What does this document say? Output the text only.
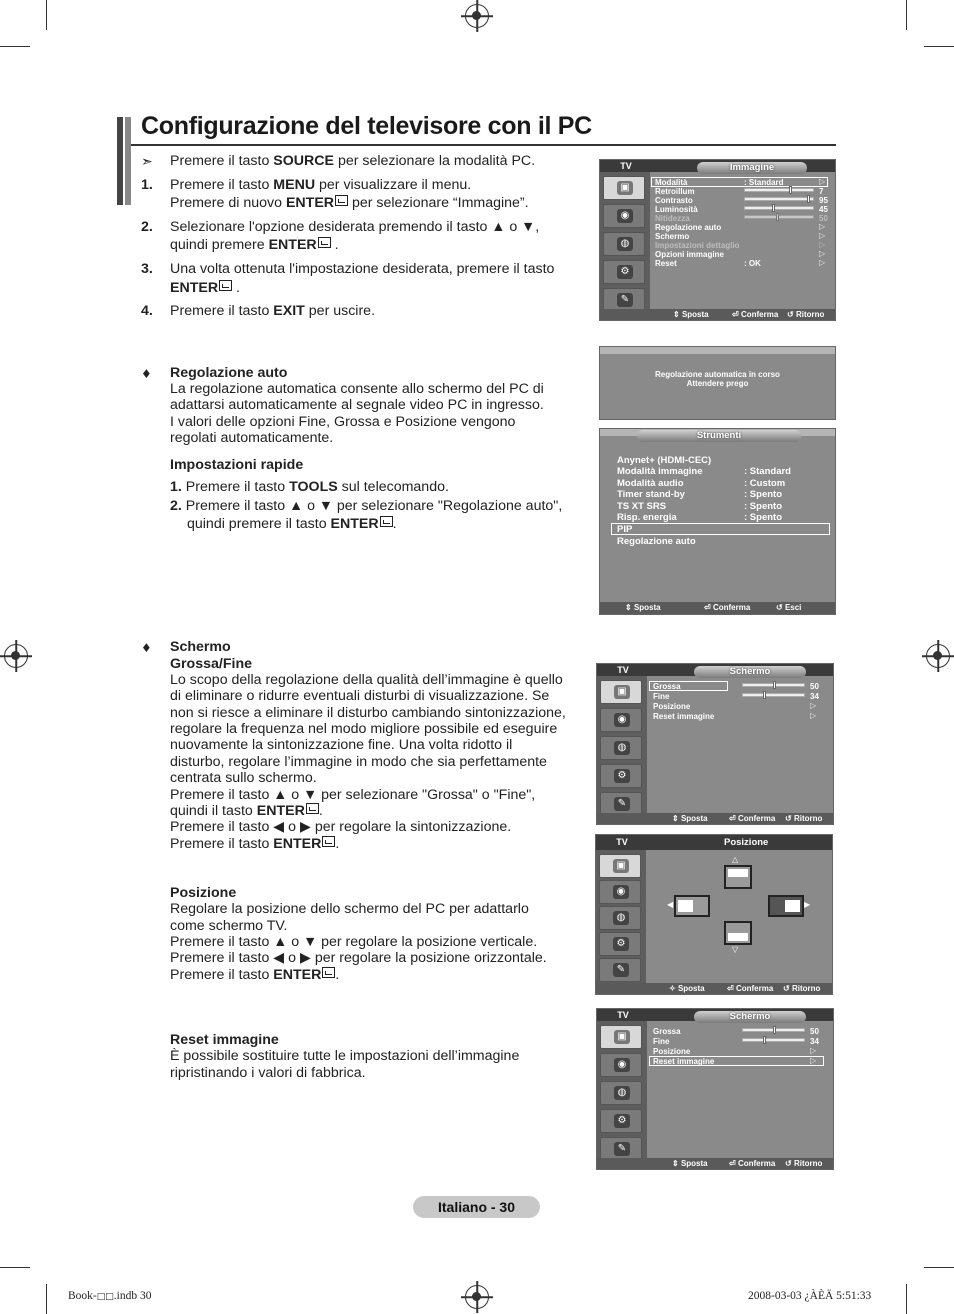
Configurazione del televisore con il PC
➣ Premere il tasto SOURCE per selezionare la modalità PC.
1. Premere il tasto MENU per visualizzare il menu.
Premere di nuovo ENTER per selezionare “Immagine”.
2. Selezionare l'opzione desiderata premendo il tasto ▲ o ▼,
quindi premere ENTER .
3. Una volta ottenuta l'impostazione desiderata, premere il tasto
ENTER .
4. Premere il tasto EXIT per uscire.
♦ Regolazione auto
La regolazione automatica consente allo schermo del PC di
adattarsi automaticamente al segnale video PC in ingresso.
I valori delle opzioni Fine, Grossa e Posizione vengono
regolati automaticamente.
Impostazioni rapide
1. Premere il tasto TOOLS sul telecomando.
2. Premere il tasto ▲ o ▼ per selezionare "Regolazione auto",
quindi premere il tasto ENTER .
♦ Schermo
Grossa/Fine
Lo scopo della regolazione della qualità dell’immagine è quello
di eliminare o ridurre eventuali disturbi di visualizzazione. Se
non si riesce a eliminare il disturbo cambiando sintonizzazione,
regolare la frequenza nel modo migliore possibile ed eseguire
nuovamente la sintonizzazione fine. Una volta ridotto il
disturbo, regolare l’immagine in modo che sia perfettamente
centrata sullo schermo.
Premere il tasto ▲ o ▼ per selezionare "Grossa" o "Fine",
quindi il tasto ENTER .
Premere il tasto ◀ o ▶ per regolare la sintonizzazione.
Premere il tasto ENTER .
Posizione
Regolare la posizione dello schermo del PC per adattarlo
come schermo TV.
Premere il tasto ▲ o ▼ per regolare la posizione verticale.
Premere il tasto ◀ o ▶ per regolare la posizione orizzontale.
Premere il tasto ENTER .
Reset immagine
È possibile sostituire tutte le impostazioni dell’immagine
ripristinando i valori di fabbrica.
TV	Immagine
▣
◉
◍
⚙
✎
Modalità	: Standard	▷
Retroillum	7
Contrasto	95
Luminosità	45
Nitidezza	50
Regolazione auto	▷
Schermo	▷
Impostazioni dettaglio	▷
Opzioni immagine	▷
Reset	: OK	▷
⇕ Sposta	⏎ Conferma ↺ Ritorno
Regolazione automatica in corso
Attendere prego
Strumenti
Anynet+ (HDMI-CEC)
Modalità immagine	: Standard
Modalità audio	: Custom
Timer stand-by	: Spento
TS XT SRS	: Spento
Risp. energia	: Spento
PIP
Regolazione auto
⇕ Sposta	⏎ Conferma	↺ Esci
TV	Schermo
▣
◉
◍
⚙
✎
Grossa	50
Fine	34
Posizione	▷
Reset immagine	▷
⇕ Sposta	⏎ Conferma ↺ Ritorno
TV	Posizione
▣
◉
◍
⚙
✎
△
◀	▶
▽
✧ Sposta	⏎ Conferma ↺ Ritorno
TV	Schermo
▣
◉
◍
⚙
✎
Grossa	50
Fine	34
Posizione	▷
Reset immagine	▷
⇕ Sposta	⏎ Conferma ↺ Ritorno
Italiano - 30
Book-□□.indb 30	2008-03-03 ¿ÀÈÄ 5:51:33
